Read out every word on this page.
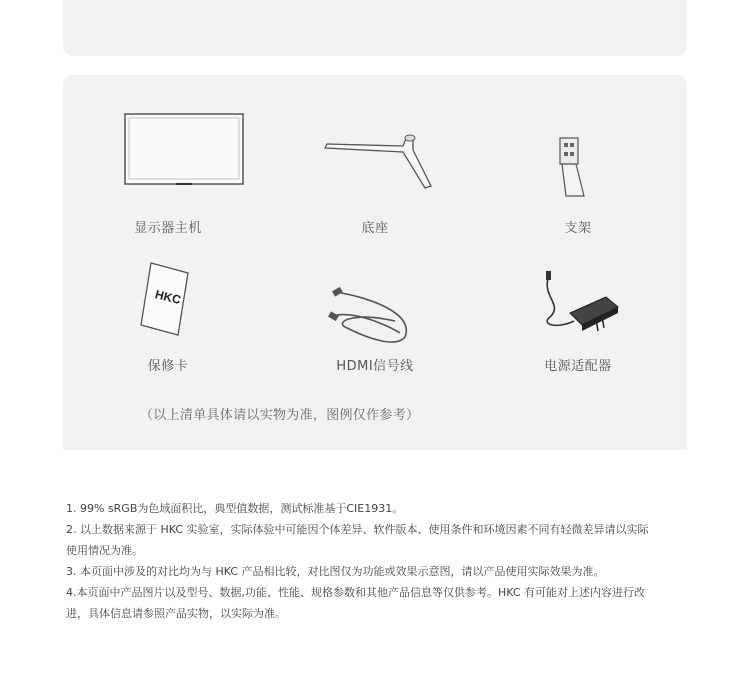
显示器主机	底座	支架
HKC
保修卡	HDMI信号线	电源适配器
（以上清单具体请以实物为准，图例仅作参考）

1. 99% sRGB为色域面积比，典型值数据，测试标准基于CIE1931。

2. 以上数据来源于 HKC 实验室，实际体验中可能因个体差异、软件版本、使用条件和环境因素不同有轻微差异请以实际

使用情况为准。

3. 本页面中涉及的对比均为与 HKC 产品相比较，对比图仅为功能或效果示意图，请以产品使用实际效果为准。

4.本页面中产品图片以及型号、数据,功能、性能、规格参数和其他产品信息等仅供参考。HKC 有可能对上述内容进行改

进，具体信息请参照产品实物，以实际为准。
